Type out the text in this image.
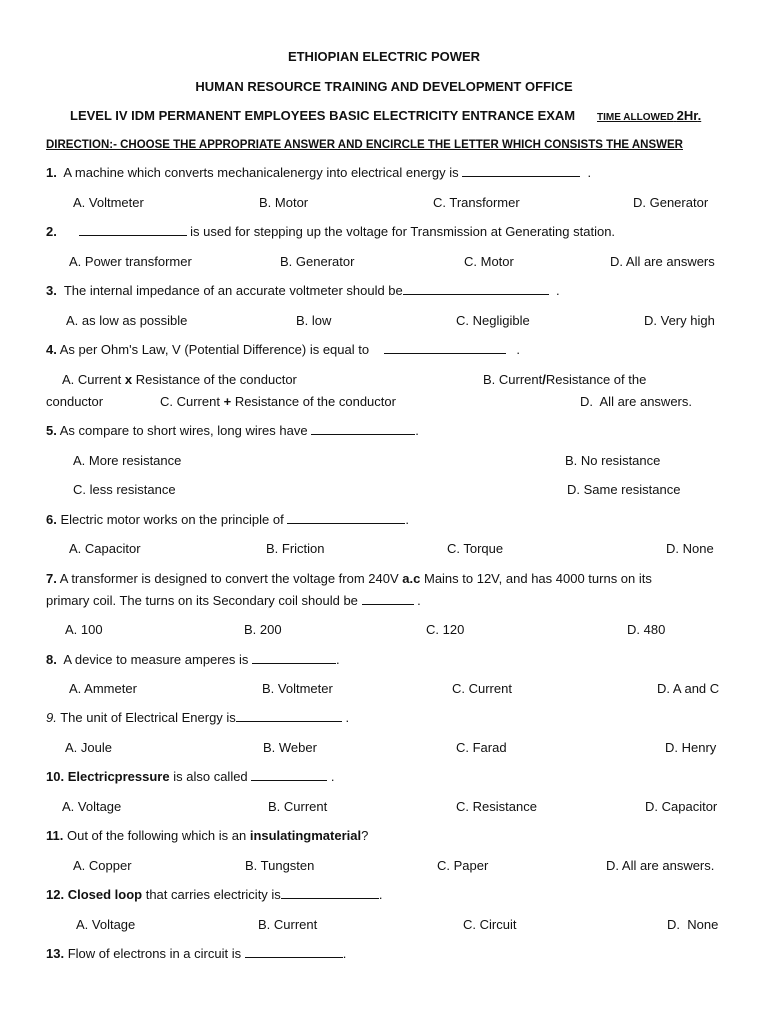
ETHIOPIAN ELECTRIC POWER
HUMAN RESOURCE TRAINING AND DEVELOPMENT OFFICE
LEVEL IV IDM PERMANENT EMPLOYEES BASIC ELECTRICITY ENTRANCE EXAM TIME ALLOWED 2Hr.
DIRECTION:- CHOOSE THE APPROPRIATE ANSWER AND ENCIRCLE THE LETTER WHICH CONSISTS THE ANSWER
1. A machine which converts mechanicalenergy into electrical energy is	.
A. Voltmeter	B. Motor	C. Transformer	D. Generator
2.	is used for stepping up the voltage for Transmission at Generating station.
A. Power transformer	B. Generator	C. Motor	D. All are answers
3. The internal impedance of an accurate voltmeter should be	.
A. as low as possible	B. low	C. Negligible	D. Very high
4. As per Ohm's Law, V (Potential Difference) is equal to	.
A. Current x Resistance of the conductor	B. Current/Resistance of the
conductor	C. Current + Resistance of the conductor	D.  All are answers.
5. As compare to short wires, long wires have	.
A. More resistance	B. No resistance
C. less resistance	D. Same resistance
6. Electric motor works on the principle of	.
A. Capacitor	B. Friction	C. Torque	D. None
7. A transformer is designed to convert the voltage from 240V a.c Mains to 12V, and has 4000 turns on its
primary coil. The turns on its Secondary coil should be	.
A. 100	B. 200	C. 120	D. 480
8. A device to measure amperes is	.
A. Ammeter	B. Voltmeter	C. Current	D. A and C
9. The unit of Electrical Energy is	.
A. Joule	B. Weber	C. Farad	D. Henry
10. Electricpressure is also called	.
A. Voltage	B. Current	C. Resistance	D. Capacitor
11. Out of the following which is an insulatingmaterial?
A. Copper	B. Tungsten	C. Paper	D. All are answers.
12. Closed loop that carries electricity is	.
A. Voltage	B. Current	C. Circuit	D.  None
13. Flow of electrons in a circuit is	.
